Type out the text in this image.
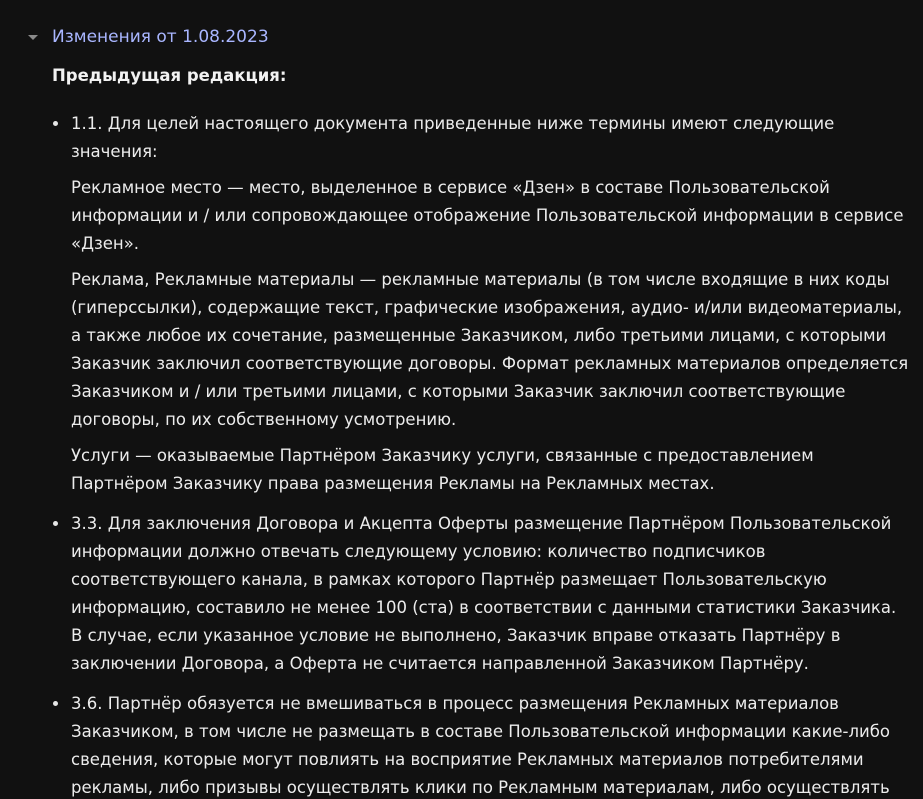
Изменения от 1.08.2023
Предыдущая редакция:
1.1. Для целей настоящего документа приведенные ниже термины имеют следующие значения:
Рекламное место — место, выделенное в сервисе «Дзен» в составе Пользовательской информации и / или сопровождающее отображение Пользовательской информации в сервисе «Дзен».
Реклама, Рекламные материалы — рекламные материалы (в том числе входящие в них коды (гиперссылки), содержащие текст, графические изображения, аудио- и/или видеоматериалы, а также любое их сочетание, размещенные Заказчиком, либо третьими лицами, с которыми Заказчик заключил соответствующие договоры. Формат рекламных материалов определяется Заказчиком и / или третьими лицами, с которыми Заказчик заключил соответствующие договоры, по их собственному усмотрению.
Услуги — оказываемые Партнёром Заказчику услуги, связанные с предоставлением Партнёром Заказчику права размещения Рекламы на Рекламных местах.
3.3. Для заключения Договора и Акцепта Оферты размещение Партнёром Пользовательской информации должно отвечать следующему условию: количество подписчиков соответствующего канала, в рамках которого Партнёр размещает Пользовательскую информацию, составило не менее 100 (ста) в соответствии с данными статистики Заказчика. В случае, если указанное условие не выполнено, Заказчик вправе отказать Партнёру в заключении Договора, а Оферта не считается направленной Заказчиком Партнёру.
3.6. Партнёр обязуется не вмешиваться в процесс размещения Рекламных материалов Заказчиком, в том числе не размещать в составе Пользовательской информации какие-либо сведения, которые могут повлиять на восприятие Рекламных материалов потребителями рекламы, либо призывы осуществлять клики по Рекламным материалам, либо осуществлять
